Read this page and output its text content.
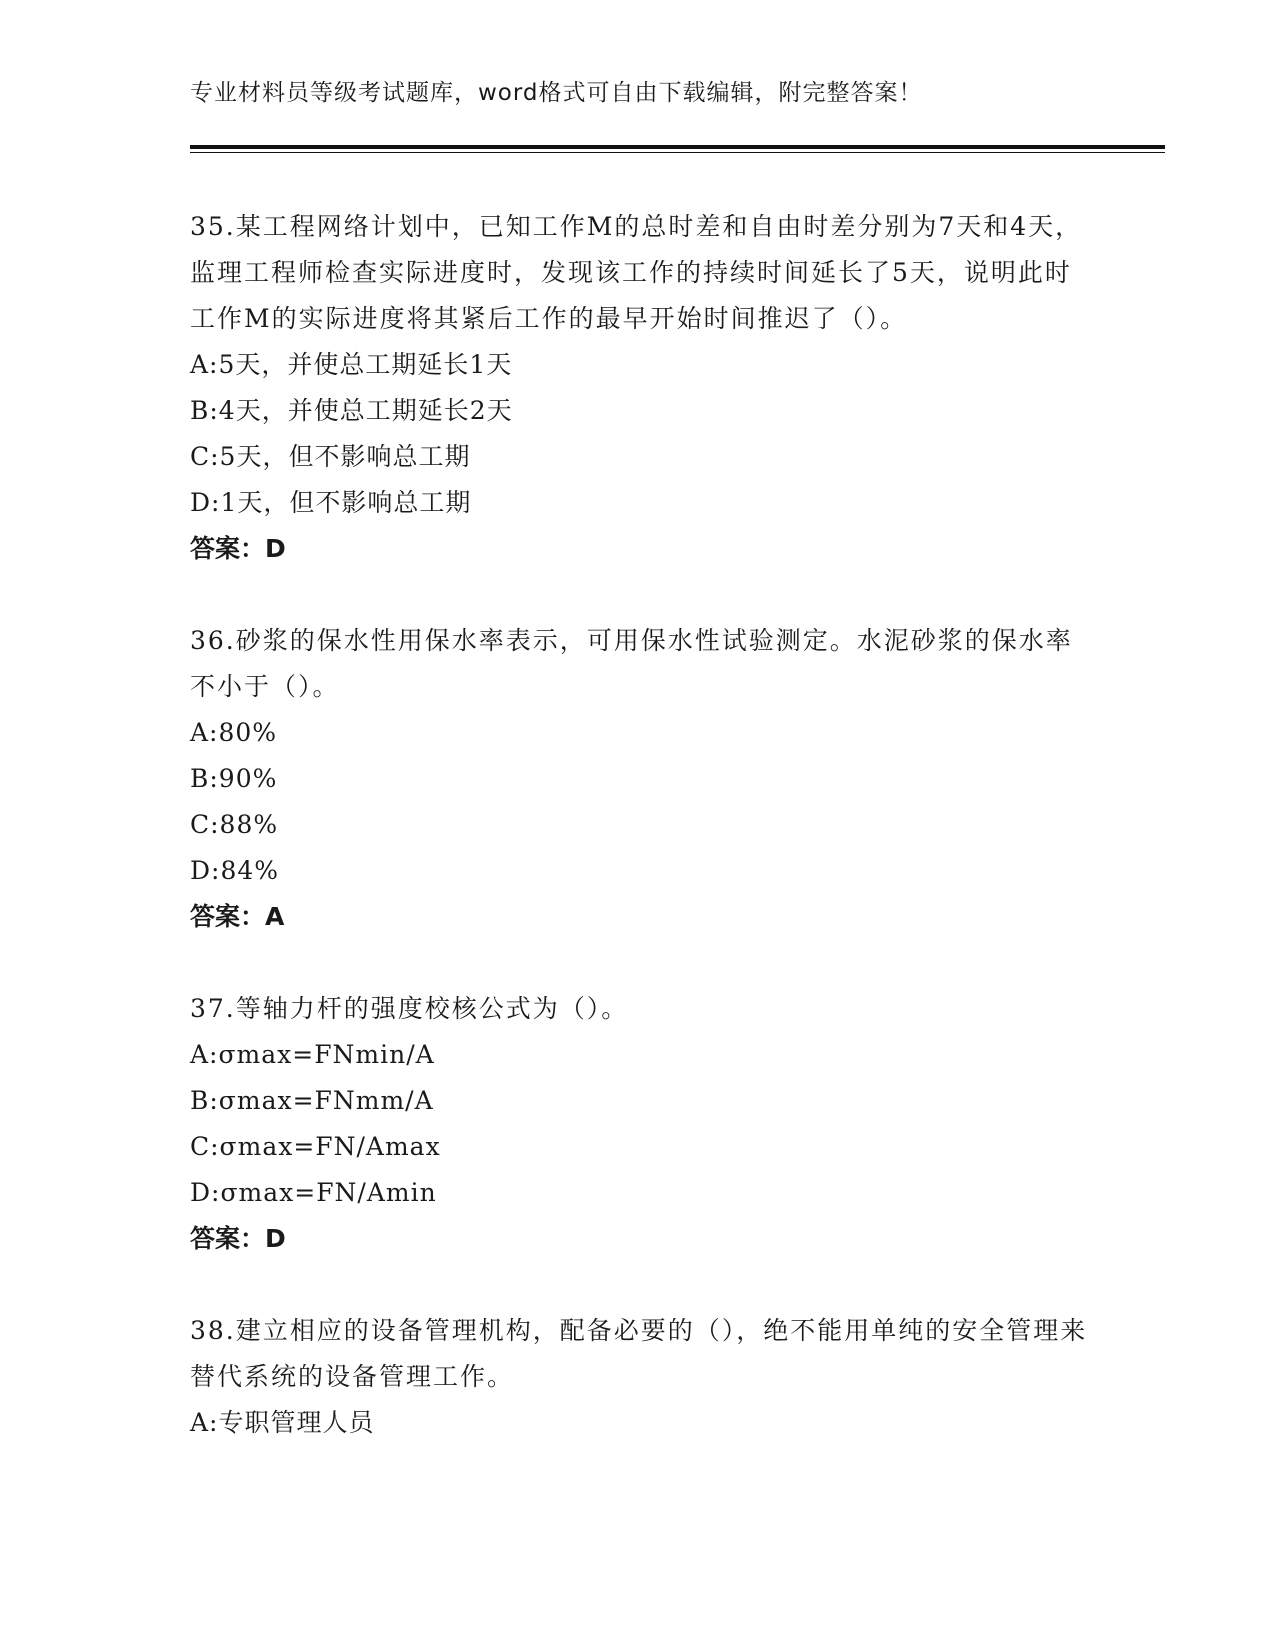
专业材料员等级考试题库，word格式可自由下载编辑，附完整答案！
35.某工程网络计划中，已知工作M的总时差和自由时差分别为7天和4天，监理工程师检查实际进度时，发现该工作的持续时间延长了5天，说明此时工作M的实际进度将其紧后工作的最早开始时间推迟了（）。
A:5天，并使总工期延长1天
B:4天，并使总工期延长2天
C:5天，但不影响总工期
D:1天，但不影响总工期
答案：D
36.砂浆的保水性用保水率表示，可用保水性试验测定。水泥砂浆的保水率不小于（）。
A:80%
B:90%
C:88%
D:84%
答案：A
37.等轴力杆的强度校核公式为（）。
A:σmax=FNmin/A
B:σmax=FNmm/A
C:σmax=FN/Amax
D:σmax=FN/Amin
答案：D
38.建立相应的设备管理机构，配备必要的（），绝不能用单纯的安全管理来替代系统的设备管理工作。
A:专职管理人员
